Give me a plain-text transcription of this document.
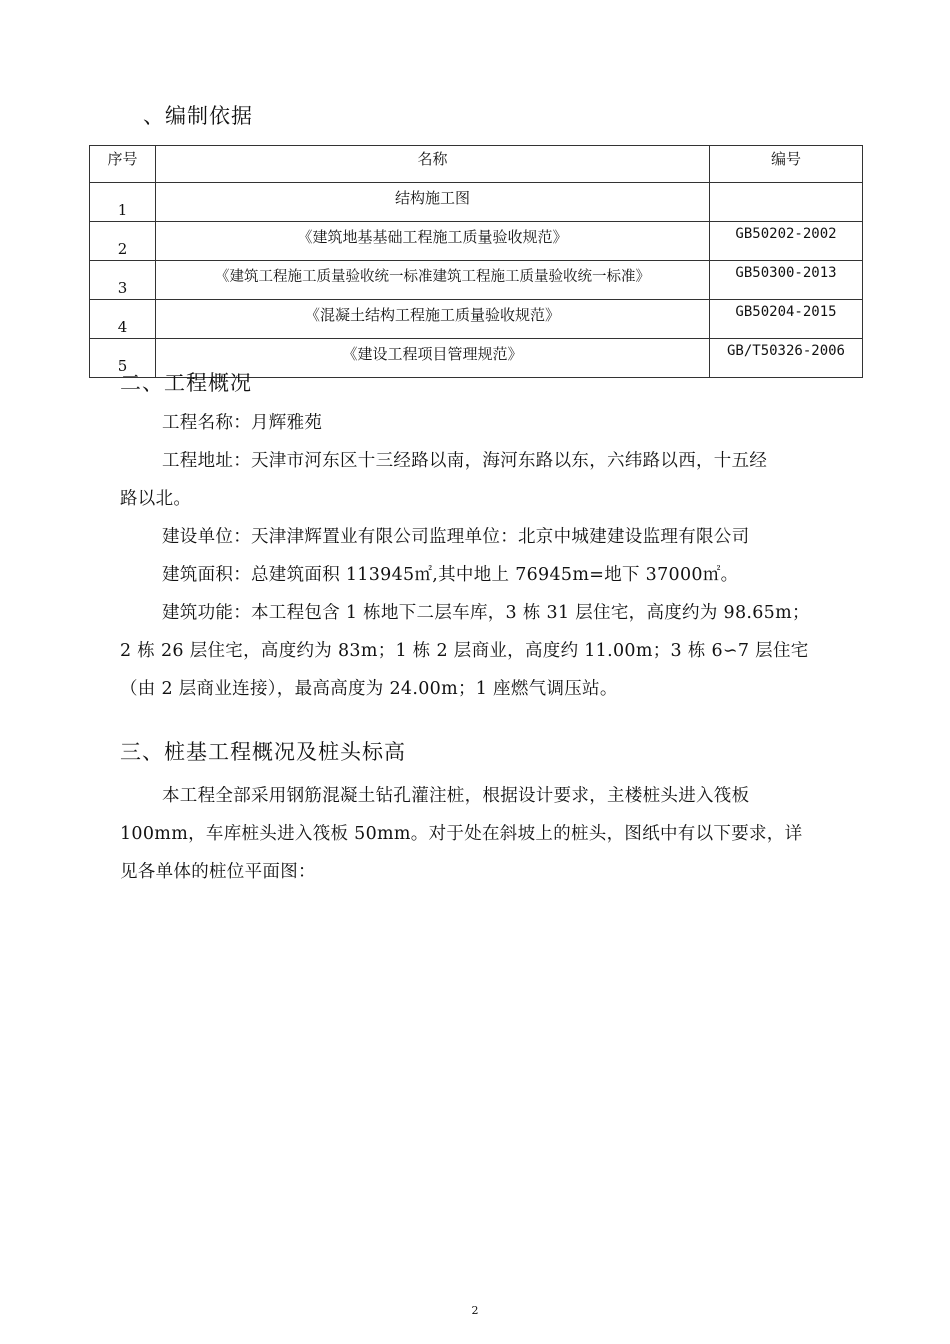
、编制依据
序号	名称	编号
1	结构施工图	
2	《建筑地基基础工程施工质量验收规范》	GB50202-2002
3	《建筑工程施工质量验收统一标准建筑工程施工质量验收统一标准》	GB50300-2013
4	《混凝土结构工程施工质量验收规范》	GB50204-2015
5	《建设工程项目管理规范》	GB/T50326-2006
二、工程概况
工程名称：月辉雅苑
工程地址：天津市河东区十三经路以南，海河东路以东，六纬路以西，十五经
路以北。
建设单位：天津津辉置业有限公司监理单位：北京中城建建设监理有限公司
建筑面积：总建筑面积 113945㎡,其中地上 76945m=地下 37000㎡。
建筑功能：本工程包含 1 栋地下二层车库，3 栋 31 层住宅，高度约为 98.65m；
2 栋 26 层住宅，高度约为 83m；1 栋 2 层商业，高度约 11.00m；3 栋 6∽7 层住宅
（由 2 层商业连接），最高高度为 24.00m；1 座燃气调压站。
三、桩基工程概况及桩头标高
本工程全部采用钢筋混凝土钻孔灌注桩，根据设计要求，主楼桩头进入筏板
100mm，车库桩头进入筏板 50mm。对于处在斜坡上的桩头，图纸中有以下要求，详
见各单体的桩位平面图：
2
